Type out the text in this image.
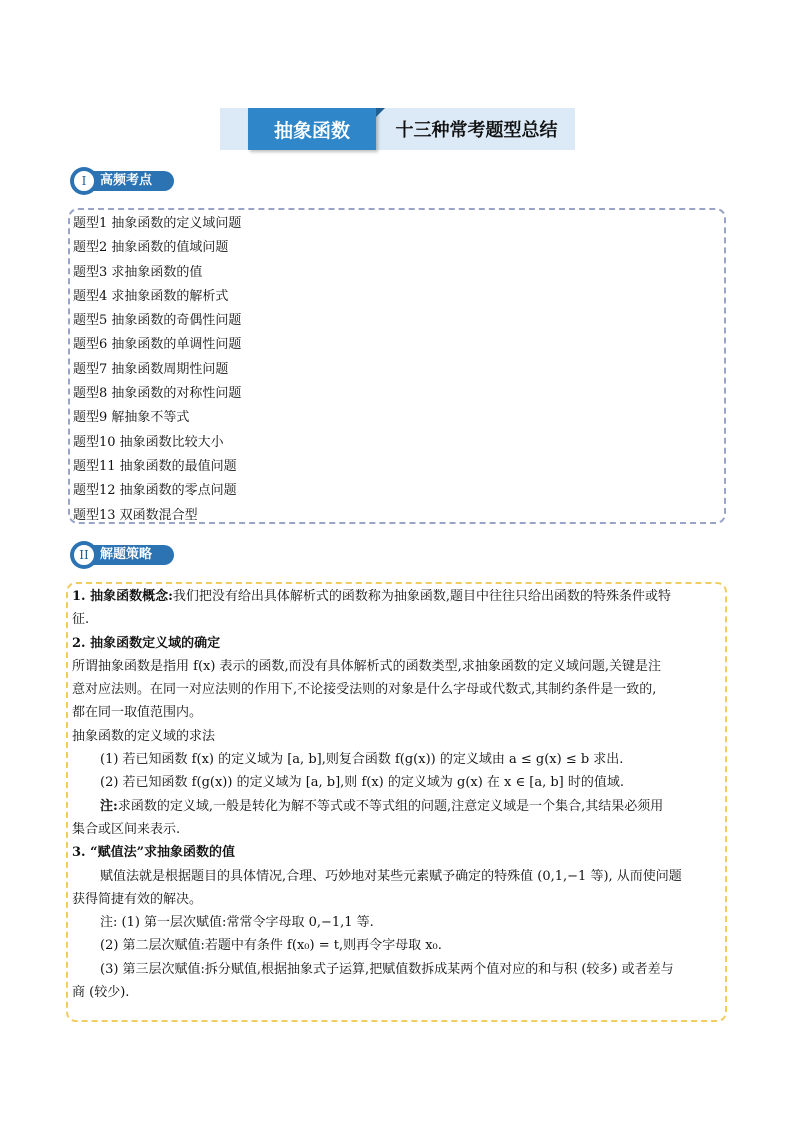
抽象函数	十三种常考题型总结
高频考点
I
题型1 抽象函数的定义域问题
题型2 抽象函数的值域问题
题型3 求抽象函数的值
题型4 求抽象函数的解析式
题型5 抽象函数的奇偶性问题
题型6 抽象函数的单调性问题
题型7 抽象函数周期性问题
题型8 抽象函数的对称性问题
题型9 解抽象不等式
题型10 抽象函数比较大小
题型11 抽象函数的最值问题
题型12 抽象函数的零点问题
题型13 双函数混合型
解题策略
II
1. 抽象函数概念:我们把没有给出具体解析式的函数称为抽象函数,题目中往往只给出函数的特殊条件或特
征.
2. 抽象函数定义域的确定
所谓抽象函数是指用 f(x) 表示的函数,而没有具体解析式的函数类型,求抽象函数的定义域问题,关键是注
意对应法则。在同一对应法则的作用下,不论接受法则的对象是什么字母或代数式,其制约条件是一致的,
都在同一取值范围内。
抽象函数的定义域的求法
(1) 若已知函数 f(x) 的定义域为 [a, b],则复合函数 f(g(x)) 的定义域由 a ≤ g(x) ≤ b 求出.
(2) 若已知函数 f(g(x)) 的定义域为 [a, b],则 f(x) 的定义域为 g(x) 在 x ∈ [a, b] 时的值域.
注:求函数的定义域,一般是转化为解不等式或不等式组的问题,注意定义域是一个集合,其结果必须用
集合或区间来表示.
3. “赋值法”求抽象函数的值
赋值法就是根据题目的具体情况,合理、巧妙地对某些元素赋予确定的特殊值 (0,1,−1 等), 从而使问题
获得简捷有效的解决。
注: (1) 第一层次赋值:常常令字母取 0,−1,1 等.
(2) 第二层次赋值:若题中有条件 f(x₀) = t,则再令字母取 x₀.
(3) 第三层次赋值:拆分赋值,根据抽象式子运算,把赋值数拆成某两个值对应的和与积 (较多) 或者差与
商 (较少).
